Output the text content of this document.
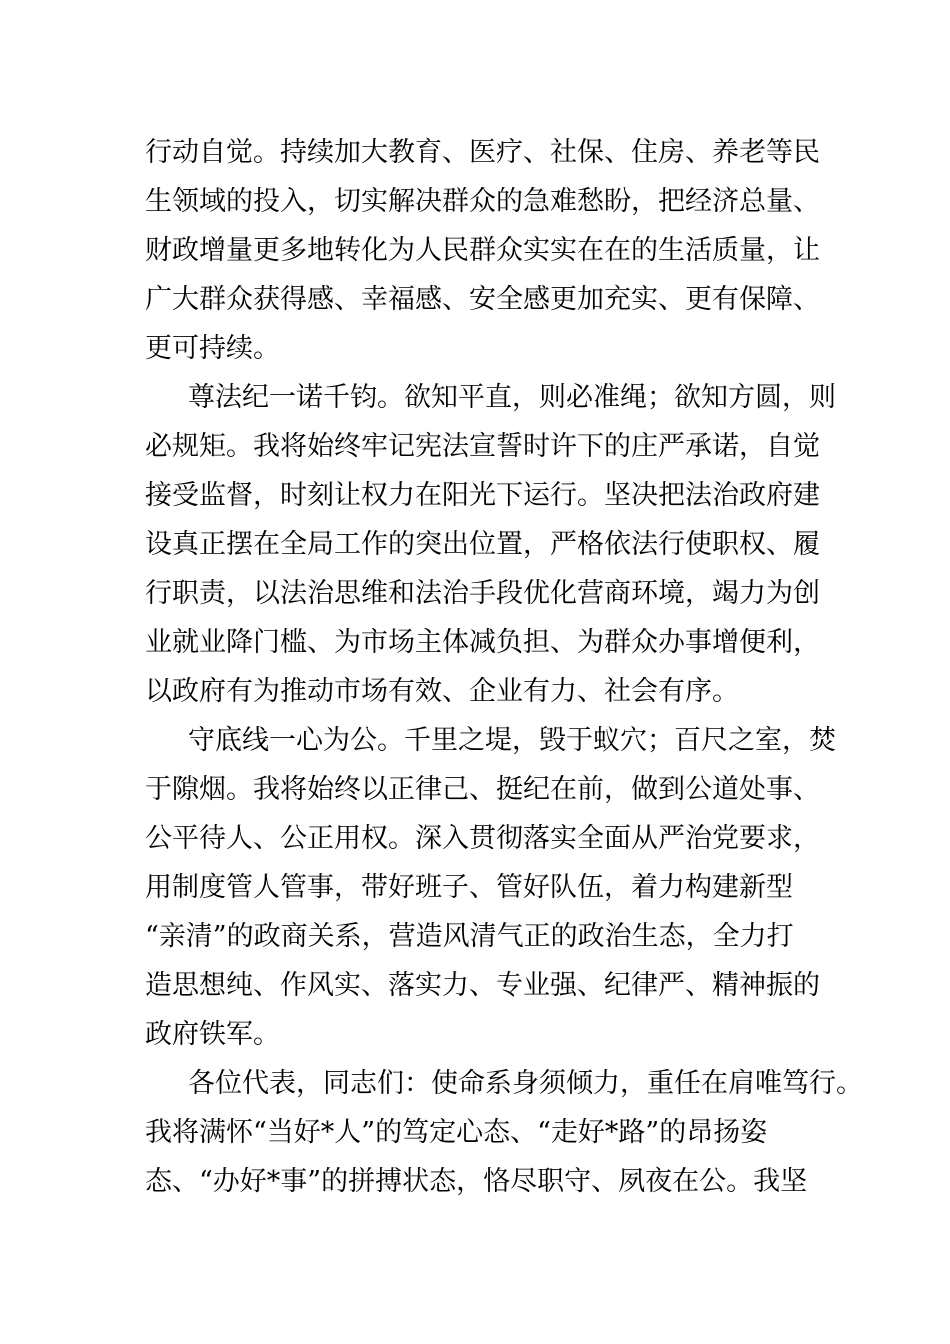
行动自觉。持续加大教育、医疗、社保、住房、养老等民
生领域的投入，切实解决群众的急难愁盼，把经济总量、
财政增量更多地转化为人民群众实实在在的生活质量，让
广大群众获得感、幸福感、安全感更加充实、更有保障、
更可持续。
尊法纪一诺千钧。欲知平直，则必准绳；欲知方圆，则
必规矩。我将始终牢记宪法宣誓时许下的庄严承诺，自觉
接受监督，时刻让权力在阳光下运行。坚决把法治政府建
设真正摆在全局工作的突出位置，严格依法行使职权、履
行职责，以法治思维和法治手段优化营商环境，竭力为创
业就业降门槛、为市场主体减负担、为群众办事增便利，
以政府有为推动市场有效、企业有力、社会有序。
守底线一心为公。千里之堤，毁于蚁穴；百尺之室，焚
于隙烟。我将始终以正律己、挺纪在前，做到公道处事、
公平待人、公正用权。深入贯彻落实全面从严治党要求，
用制度管人管事，带好班子、管好队伍，着力构建新型
“亲清”的政商关系，营造风清气正的政治生态，全力打
造思想纯、作风实、落实力、专业强、纪律严、精神振的
政府铁军。
各位代表，同志们：使命系身须倾力，重任在肩唯笃行。
我将满怀“当好*人”的笃定心态、“走好*路”的昂扬姿
态、“办好*事”的拼搏状态，恪尽职守、夙夜在公。我坚
